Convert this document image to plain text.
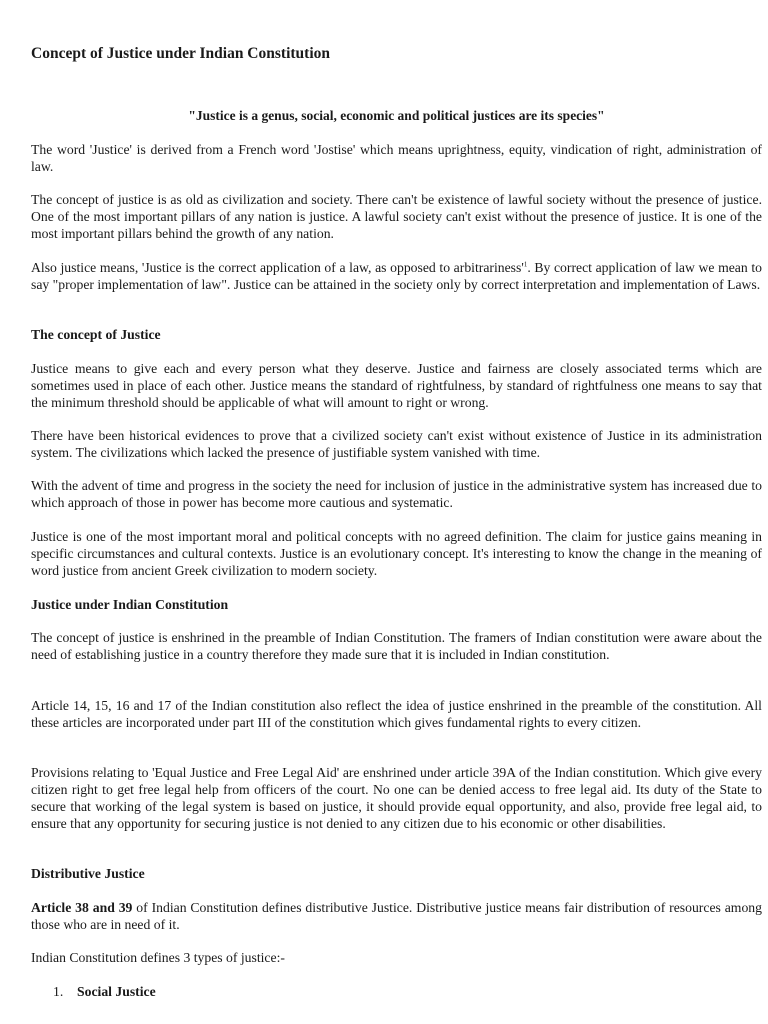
Concept of Justice under Indian Constitution

"Justice is a genus, social, economic and political justices are its species"

The word 'Justice' is derived from a French word 'Jostise' which means uprightness, equity, vindication of right, administration of law.

The concept of justice is as old as civilization and society. There can't be existence of lawful society without the presence of justice. One of the most important pillars of any nation is justice. A lawful society can't exist without the presence of justice. It is one of the most important pillars behind the growth of any nation.

Also justice means, 'Justice is the correct application of a law, as opposed to $arbitrariness'^1$. By correct application of law we mean to say "proper implementation of law". Justice can be attained in the society only by correct interpretation and implementation of Laws.

The concept of Justice

Justice means to give each and every person what they deserve. Justice and fairness are closely associated terms which are sometimes used in place of each other. Justice means the standard of rightfulness, by standard of rightfulness one means to say that the minimum threshold should be applicable of what will amount to right or wrong.

There have been historical evidences to prove that a civilized society can't exist without existence of Justice in its administration system. The civilizations which lacked the presence of justifiable system vanished with time.

With the advent of time and progress in the society the need for inclusion of justice in the administrative system has increased due to which approach of those in power has become more cautious and systematic.

Justice is one of the most important moral and political concepts with no agreed definition. The claim for justice gains meaning in specific circumstances and cultural contexts. Justice is an evolutionary concept. It's interesting to know the change in the meaning of word justice from ancient Greek civilization to modern society.

Justice under Indian Constitution

The concept of justice is enshrined in the preamble of Indian Constitution. The framers of Indian constitution were aware about the need of establishing justice in a country therefore they made sure that it is included in Indian constitution.

Article 14, 15, 16 and 17 of the Indian constitution also reflect the idea of justice enshrined in the preamble of the constitution. All these articles are incorporated under part III of the constitution which gives fundamental rights to every citizen.

Provisions relating to 'Equal Justice and Free Legal Aid' are enshrined under article 39A of the Indian constitution. Which give every citizen right to get free legal help from officers of the court. No one can be denied access to free legal aid. Its duty of the State to secure that working of the legal system is based on justice, it should provide equal opportunity, and also, provide free legal aid, to ensure that any opportunity for securing justice is not denied to any citizen due to his economic or other disabilities.

Distributive Justice

Article 38 and 39 of Indian Constitution defines distributive Justice. Distributive justice means fair distribution of resources among those who are in need of it.

Indian Constitution defines 3 types of justice:-

1. Social Justice
